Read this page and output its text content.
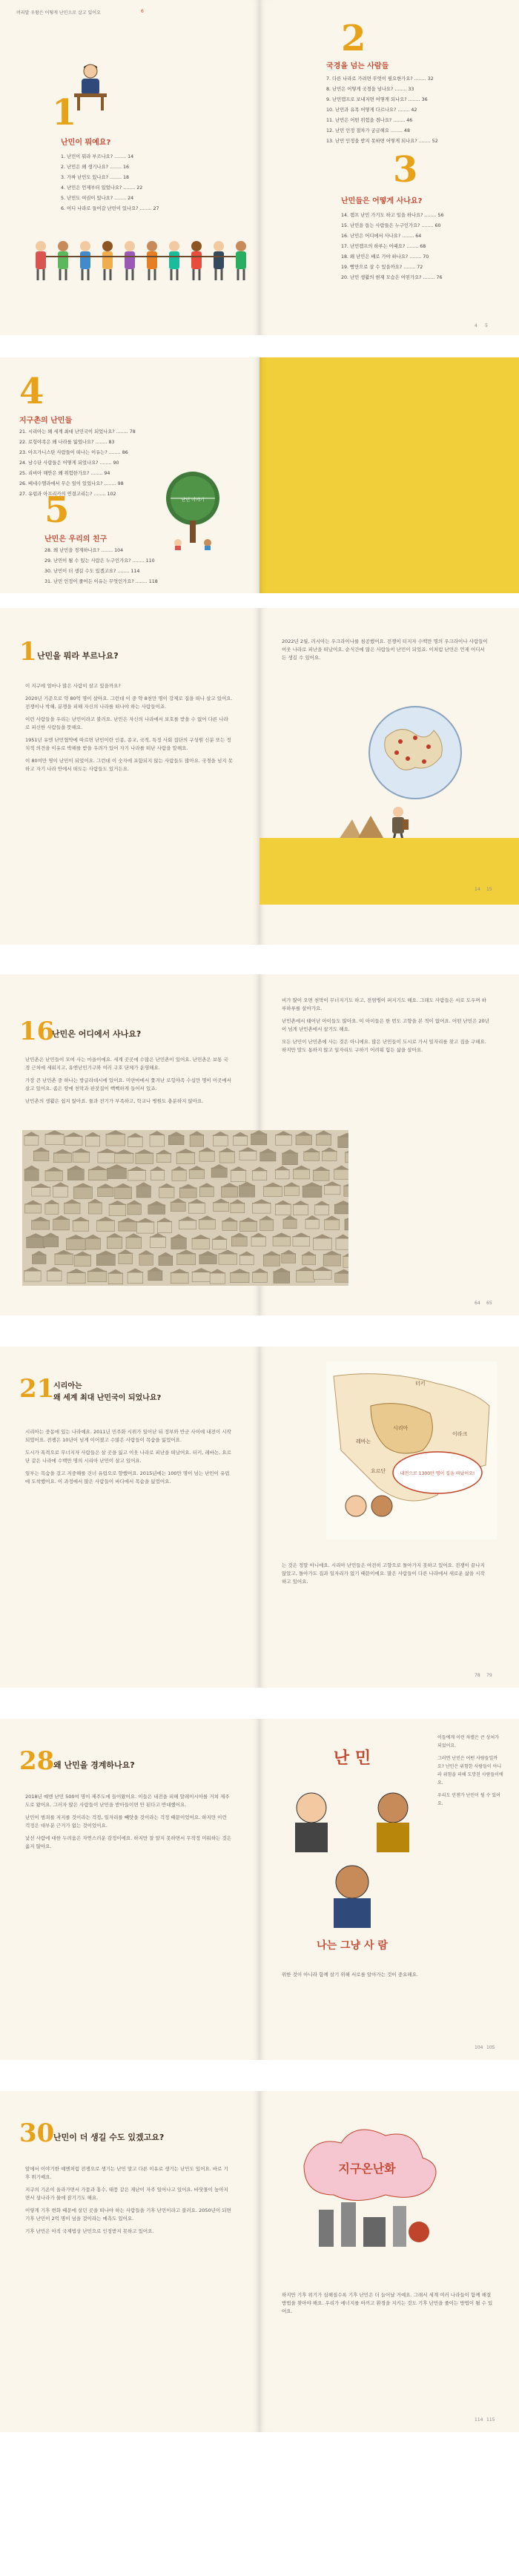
머리말 우왕은 어떻게 난민으로 살고 있어요	6
1
난민이 뭐예요?
1. 난민이 뭐라 부르나요? ........ 14
2. 난민은 왜 생기나요? ........ 16
3. 가짜 난민도 있나요? ........ 18
4. 난민은 언제부터 있었나요? ........ 22
5. 난민도 여권이 있나요? ........ 24
6. 어디 나라로 들어갈 난민이 있나요? ........ 27
2
국경을 넘는 사람들
7. 다른 나라로 가려면 무엇이 필요한가요? ........ 32
8. 난민은 어떻게 국경을 넘나요? ........ 33
9. 난민캠프로 보내지면 어떻게 되나요? ........ 36
10. 난민과 유목 어떻게 다르나요? ........ 42
11. 난민은 어떤 위험을 겪나요? ........ 46
12. 난민 인정 절차가 궁금해요 ........ 48
13. 난민 인정을 받지 못하면 어떻게 되나요? ........ 52
3
난민들은 어떻게 사나요?
14. 캠프 난민 가기도 하고 일을 하나요? ........ 56
15. 난민을 돕는 사람들은 누구인가요? ........ 60
16. 난민은 어디에서 사나요? ........ 64
17. 난민캠프의 하루는 어때요? ........ 68
18. 왜 난민은 배로 가야 하나요? ........ 70
19. 빵만으로 살 수 있을까요? ........ 72
20. 난민 생활의 현재 모습은 어떤가요? ........ 76
4 5
4
지구촌의 난민들
21. 시리아는 왜 세계 최대 난민국이 되었나요? ........ 78
22. 로힝야족은 왜 나라를 잃었나요? ........ 83
23. 아프가니스탄 사람들이 떠나는 이유는? ........ 86
24. 남수단 사람들은 어떻게 되었나요? ........ 90
25. 리비아 해안은 왜 위험한가요? ........ 94
26. 베네수엘라에서 무슨 일이 있었나요? ........ 98
27. 유럽과 아프리카의 연결고리는? ........ 102
5
난민은 우리의 친구
28. 왜 난민을 경계하나요? ........ 104
29. 난민이 될 수 있는 사람은 누구인가요? ........ 110
30. 난민이 더 생길 수도 있겠고요? ........ 114
31. 난민 인정이 줄어든 이유는 무엇인가요? ........ 118
난민 이야기
1 난민을 뭐라 부르나요?

이 지구에 얼마나 많은 사람이 살고 있을까요?

2020년 기준으로 약 80억 명이 살아요. 그런데 이 중 약 8천만 명이 강제로 집을 떠나 살고 있어요. 전쟁이나 박해, 분쟁을 피해 자신의 나라를 떠나야 하는 사람들이죠.

이런 사람들을 우리는 난민이라고 불러요. 난민은 자신의 나라에서 보호를 받을 수 없어 다른 나라로 피신한 사람들을 뜻해요.

1951년 유엔 난민협약에 따르면 난민이란 인종, 종교, 국적, 특정 사회 집단의 구성원 신분 또는 정치적 의견을 이유로 박해를 받을 우려가 있어 자기 나라를 떠난 사람을 말해요.

이 80여만 명이 난민이 되었어요. 그런데 이 숫자에 포함되지 않는 사람들도 많아요. 국경을 넘지 못하고 자기 나라 안에서 떠도는 사람들도 있거든요.

2022년 2월, 러시아는 우크라이나를 침공했어요. 전쟁이 터지자 수백만 명의 우크라이나 사람들이 이웃 나라로 피난을 떠났어요. 순식간에 많은 사람들이 난민이 되었죠. 이처럼 난민은 언제 어디서든 생길 수 있어요.

14 15
16
난민은 어디에서 사나요?

난민촌은 난민들이 모여 사는 마을이에요. 세계 곳곳에 수많은 난민촌이 있어요. 난민촌은 보통 국경 근처에 세워지고, 유엔난민기구와 여러 구호 단체가 운영해요.

가장 큰 난민촌 중 하나는 방글라데시에 있어요. 미얀마에서 쫓겨난 로힝야족 수십만 명이 이곳에서 살고 있어요. 좁은 땅에 천막과 판잣집이 빽빽하게 들어서 있죠.

난민촌의 생활은 쉽지 않아요. 물과 전기가 부족하고, 학교나 병원도 충분하지 않아요.

비가 많이 오면 천막이 무너지기도 하고, 전염병이 퍼지기도 해요. 그래도 사람들은 서로 도우며 하루하루를 살아가요.

난민촌에서 태어난 아이들도 많아요. 이 아이들은 한 번도 고향을 본 적이 없어요. 어떤 난민은 20년이 넘게 난민촌에서 살기도 해요.

모든 난민이 난민촌에 사는 것은 아니에요. 많은 난민들이 도시로 가서 일자리를 찾고 집을 구해요. 하지만 말도 통하지 않고 일자리도 구하기 어려워 힘든 삶을 살아요.

64 65
21
시리아는
왜 세계 최대 난민국이 되었나요?

시리아는 중동에 있는 나라예요. 2011년 민주화 시위가 일어난 뒤 정부와 반군 사이에 내전이 시작되었어요. 전쟁은 10년이 넘게 이어졌고 수많은 사람들이 목숨을 잃었어요.

도시가 폭격으로 무너지자 사람들은 살 곳을 잃고 이웃 나라로 피난을 떠났어요. 터키, 레바논, 요르단 같은 나라에 수백만 명의 시리아 난민이 살고 있어요.

일부는 목숨을 걸고 지중해를 건너 유럽으로 향했어요. 2015년에는 100만 명이 넘는 난민이 유럽에 도착했어요. 이 과정에서 많은 사람들이 바다에서 목숨을 잃었어요.

터키
시리아
레바논
요르단
이라크
내전으로 1300만 명이 집을 떠났어요!

는 것은 정말 아니에요. 시리아 난민들은 여전히 고향으로 돌아가지 못하고 있어요. 전쟁이 끝나지 않았고, 돌아가도 집과 일자리가 없기 때문이에요. 많은 사람들이 다른 나라에서 새로운 삶을 시작하고 있어요.

78 79
28
왜 난민을 경계하나요?

2018년 예멘 난민 500여 명이 제주도에 들어왔어요. 이들은 내전을 피해 말레이시아를 거쳐 제주도로 왔어요. 그러자 많은 사람들이 난민을 받아들이면 안 된다고 반대했어요.

난민이 범죄를 저지를 것이라는 걱정, 일자리를 빼앗을 것이라는 걱정 때문이었어요. 하지만 이런 걱정은 대부분 근거가 없는 것이었어요.

낯선 사람에 대한 두려움은 자연스러운 감정이에요. 하지만 잘 알지 못하면서 무작정 미워하는 것은 옳지 않아요.

난 민
나는 그냥 사 람

이들에게 이런 차별은 큰 상처가 되었어요.

그러면 난민은 어떤 사람들일까요? 난민은 위험한 사람들이 아니라 위험을 피해 도망친 사람들이에요.

우리도 언젠가 난민이 될 수 있어요.

위한 것이 아니라 함께 살기 위해 서로를 알아가는 것이 중요해요.

104 105
30
난민이 더 생길 수도 있겠고요?

앞에서 이야기한 예멘처럼 전쟁으로 생기는 난민 말고 다른 이유로 생기는 난민도 있어요. 바로 기후 위기예요.

지구의 기온이 올라가면서 가뭄과 홍수, 태풍 같은 재난이 자주 일어나고 있어요. 바닷물이 높아지면서 섬나라가 물에 잠기기도 해요.

이렇게 기후 변화 때문에 살던 곳을 떠나야 하는 사람들을 기후 난민이라고 불러요. 2050년이 되면 기후 난민이 2억 명이 넘을 것이라는 예측도 있어요.

기후 난민은 아직 국제법상 난민으로 인정받지 못하고 있어요.

지구온난화

하지만 기후 위기가 심해질수록 기후 난민은 더 늘어날 거예요. 그래서 세계 여러 나라들이 함께 해결 방법을 찾아야 해요. 우리가 에너지를 아끼고 환경을 지키는 것도 기후 난민을 줄이는 방법이 될 수 있어요.

114 115
